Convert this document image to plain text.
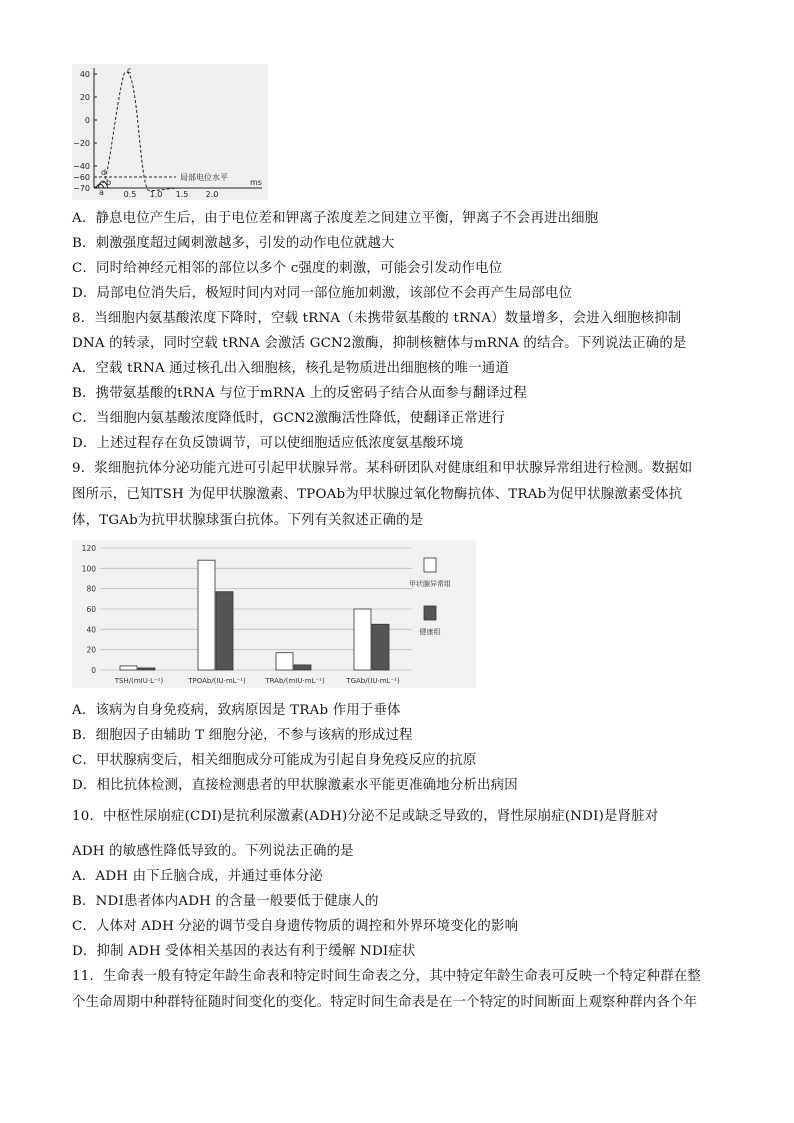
40
20
0
−20
−40
−60
−70
0.5 1.0 1.5 2.0
ms
局部电位水平
c
d
a
b
A．静息电位产生后，由于电位差和钾离子浓度差之间建立平衡，钾离子不会再进出细胞
B．刺激强度超过阈刺激越多，引发的动作电位就越大
C．同时给神经元相邻的部位以多个 c强度的刺激，可能会引发动作电位
D．局部电位消失后，极短时间内对同一部位施加刺激，该部位不会再产生局部电位
8．当细胞内氨基酸浓度下降时，空载 tRNA（未携带氨基酸的 tRNA）数量增多，会进入细胞核抑制
DNA 的转录，同时空载 tRNA 会激活 GCN2激酶，抑制核糖体与mRNA 的结合。下列说法正确的是
A．空载 tRNA 通过核孔出入细胞核，核孔是物质进出细胞核的唯一通道
B．携带氨基酸的tRNA 与位于mRNA 上的反密码子结合从面参与翻译过程
C．当细胞内氨基酸浓度降低时，GCN2激酶活性降低，使翻译正常进行
D．上述过程存在负反馈调节，可以使细胞适应低浓度氨基酸环境
9．浆细胞抗体分泌功能亢进可引起甲状腺异常。某科研团队对健康组和甲状腺异常组进行检测。数据如
图所示，已知TSH 为促甲状腺激素、TPOAb为甲状腺过氧化物酶抗体、TRAb为促甲状腺激素受体抗
体，TGAb为抗甲状腺球蛋白抗体。下列有关叙述正确的是
0
20
40
60
80
100
120
TSH/(mIU·L⁻¹)	TPOAb/(IU·mL⁻¹)	TRAb/(mIU·mL⁻¹)	TGAb/(IU·mL⁻¹)
甲状腺异常组
健康组
A．该病为自身免疫病，致病原因是 TRAb 作用于垂体
B．细胞因子由辅助 T 细胞分泌，不参与该病的形成过程
C．甲状腺病变后，相关细胞成分可能成为引起自身免疫反应的抗原
D．相比抗体检测，直接检测患者的甲状腺激素水平能更准确地分析出病因
10．中枢性尿崩症(CDI)是抗利尿激素(ADH)分泌不足或缺乏导致的，肾性尿崩症(NDI)是肾脏对
ADH 的敏感性降低导致的。下列说法正确的是
A．ADH 由下丘脑合成，并通过垂体分泌
B．NDI患者体内ADH 的含量一般要低于健康人的
C．人体对 ADH 分泌的调节受自身遗传物质的调控和外界环境变化的影响
D．抑制 ADH 受体相关基因的表达有利于缓解 NDI症状
11．生命表一般有特定年龄生命表和特定时间生命表之分，其中特定年龄生命表可反映一个特定种群在整
个生命周期中种群特征随时间变化的变化。特定时间生命表是在一个特定的时间断面上观察种群内各个年
